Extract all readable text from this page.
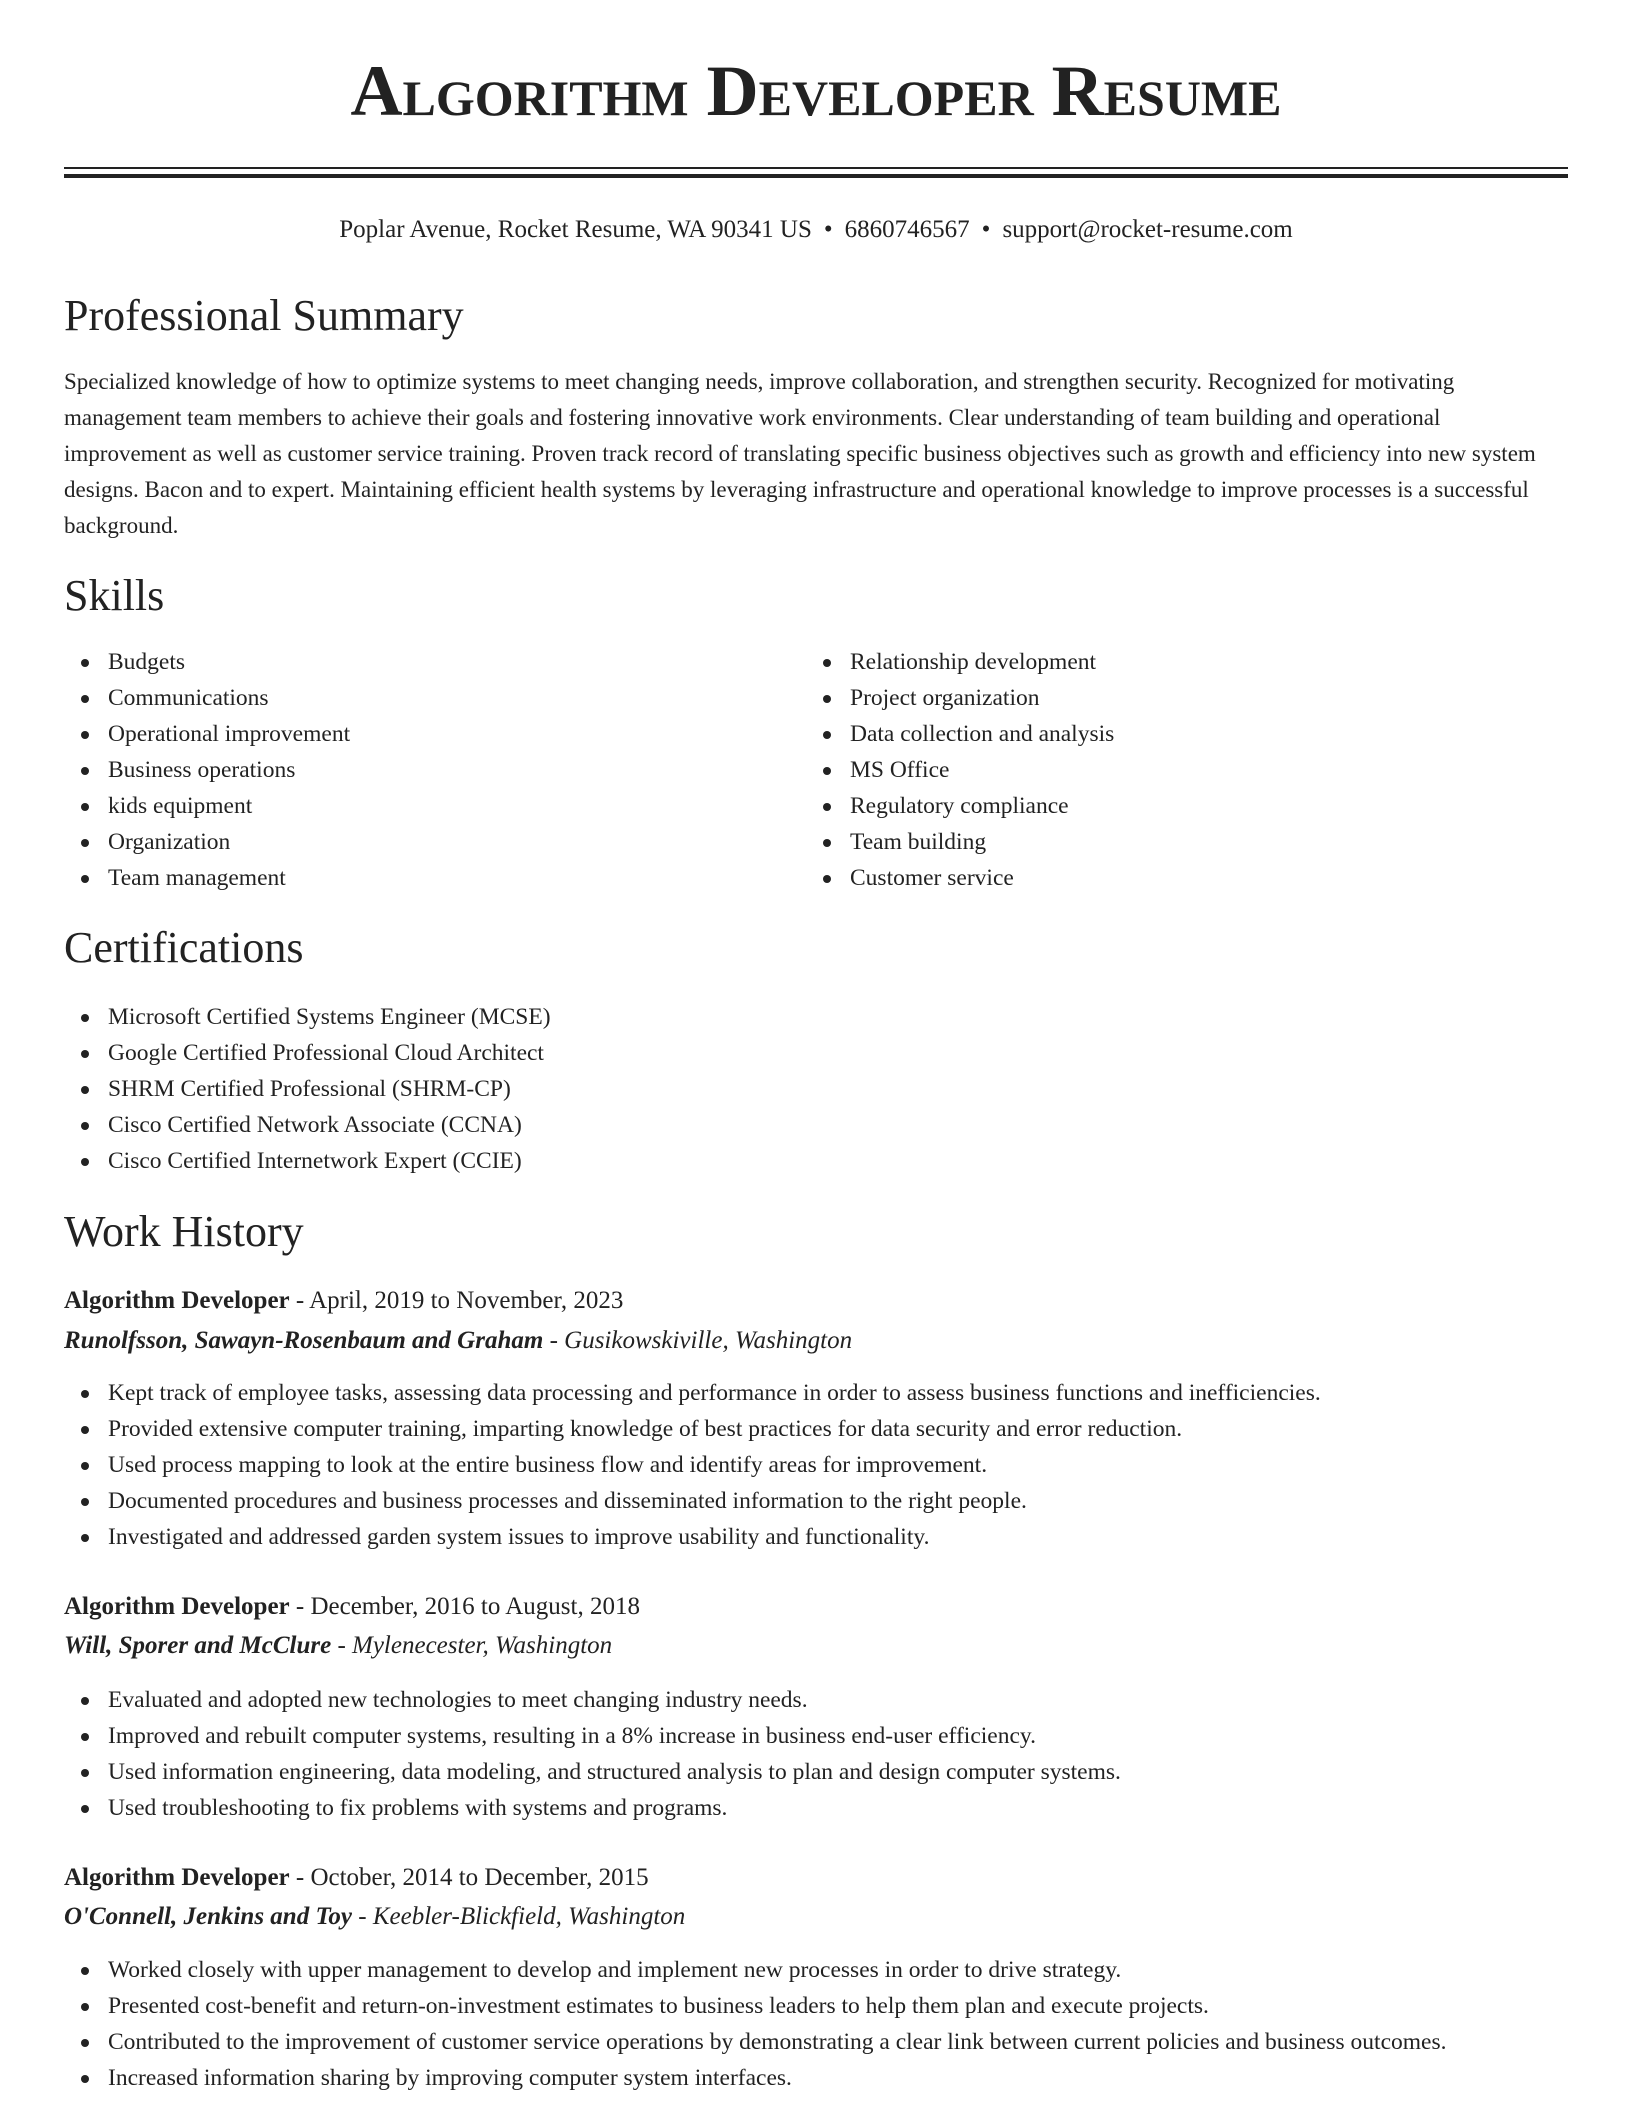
Algorithm Developer Resume
Poplar Avenue, Rocket Resume, WA 90341 US • 6860746567 • support@rocket-resume.com
Professional Summary

Specialized knowledge of how to optimize systems to meet changing needs, improve collaboration, and strengthen security. Recognized for motivating management team members to achieve their goals and fostering innovative work environments. Clear understanding of team building and operational improvement as well as customer service training. Proven track record of translating specific business objectives such as growth and efficiency into new system designs. Bacon and to expert. Maintaining efficient health systems by leveraging infrastructure and operational knowledge to improve processes is a successful background.

Skills
Budgets
Communications
Operational improvement
Business operations
kids equipment
Organization
Team management
Relationship development
Project organization
Data collection and analysis
MS Office
Regulatory compliance
Team building
Customer service
Certifications
Microsoft Certified Systems Engineer (MCSE)
Google Certified Professional Cloud Architect
SHRM Certified Professional (SHRM-CP)
Cisco Certified Network Associate (CCNA)
Cisco Certified Internetwork Expert (CCIE)
Work History
Algorithm Developer - April, 2019 to November, 2023
Runolfsson, Sawayn-Rosenbaum and Graham - Gusikowskiville, Washington
Kept track of employee tasks, assessing data processing and performance in order to assess business functions and inefficiencies.
Provided extensive computer training, imparting knowledge of best practices for data security and error reduction.
Used process mapping to look at the entire business flow and identify areas for improvement.
Documented procedures and business processes and disseminated information to the right people.
Investigated and addressed garden system issues to improve usability and functionality.
Algorithm Developer - December, 2016 to August, 2018
Will, Sporer and McClure - Mylenecester, Washington
Evaluated and adopted new technologies to meet changing industry needs.
Improved and rebuilt computer systems, resulting in a 8% increase in business end-user efficiency.
Used information engineering, data modeling, and structured analysis to plan and design computer systems.
Used troubleshooting to fix problems with systems and programs.
Algorithm Developer - October, 2014 to December, 2015
O'Connell, Jenkins and Toy - Keebler-Blickfield, Washington
Worked closely with upper management to develop and implement new processes in order to drive strategy.
Presented cost-benefit and return-on-investment estimates to business leaders to help them plan and execute projects.
Contributed to the improvement of customer service operations by demonstrating a clear link between current policies and business outcomes.
Increased information sharing by improving computer system interfaces.
